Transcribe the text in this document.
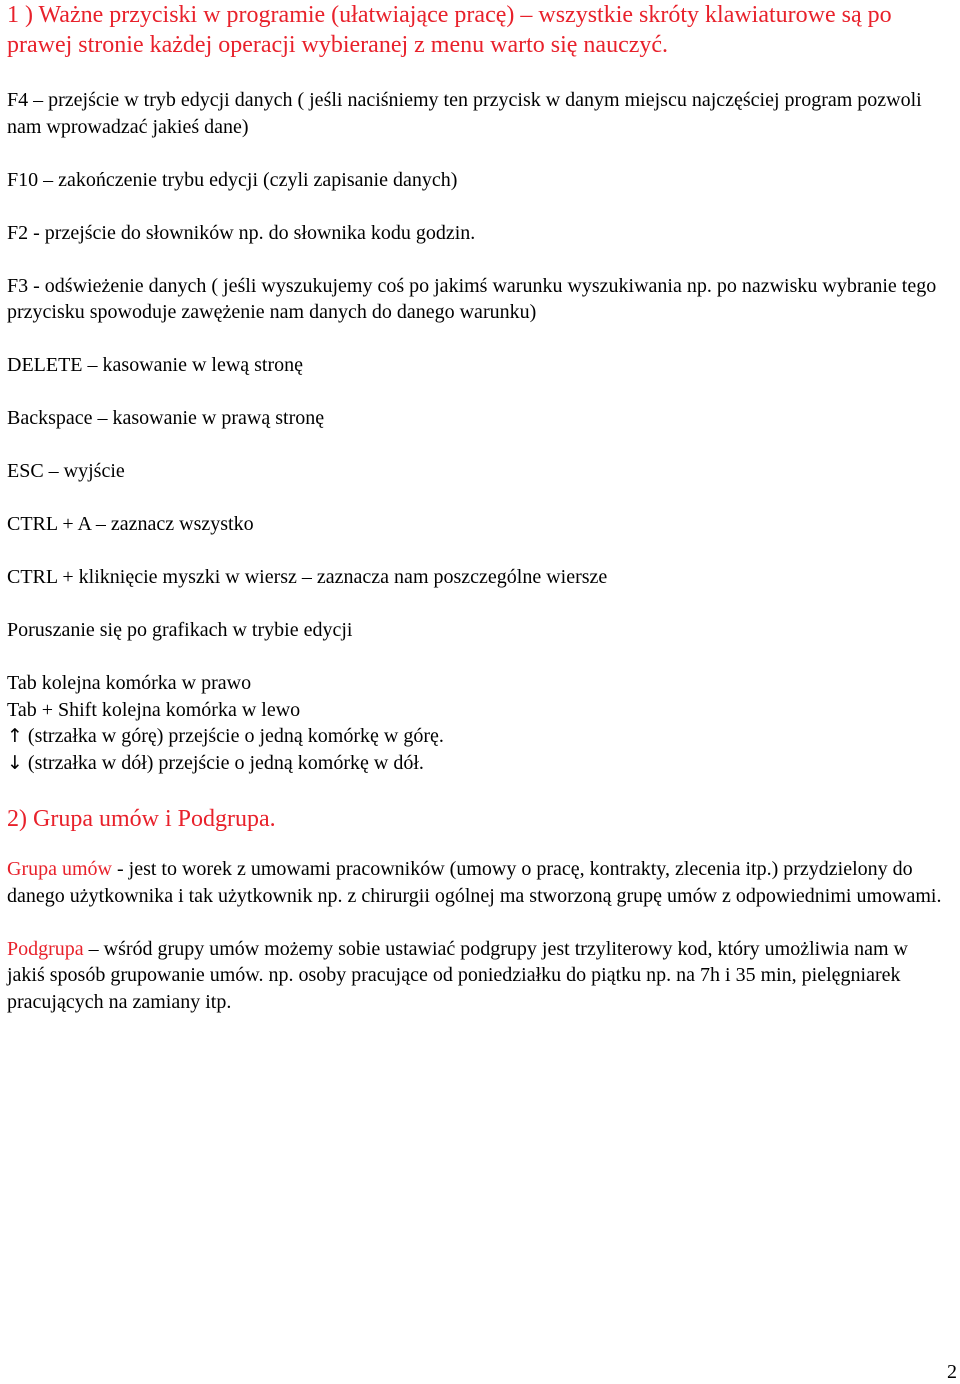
1 ) Ważne przyciski w programie (ułatwiające pracę) – wszystkie skróty klawiaturowe są po prawej stronie każdej operacji wybieranej z menu warto się nauczyć.

F4 – przejście w tryb edycji danych ( jeśli naciśniemy ten przycisk w danym miejscu najczęściej program pozwoli nam wprowadzać jakieś dane)

F10 – zakończenie trybu edycji (czyli zapisanie danych)

F2 - przejście do słowników np. do słownika kodu godzin.

F3 - odświeżenie danych ( jeśli wyszukujemy coś po jakimś warunku wyszukiwania np. po nazwisku wybranie tego przycisku spowoduje zawężenie nam danych do danego warunku)

DELETE – kasowanie w lewą stronę

Backspace – kasowanie w prawą stronę

ESC – wyjście

CTRL + A – zaznacz wszystko

CTRL + kliknięcie myszki w wiersz – zaznacza nam poszczególne wiersze

Poruszanie się po grafikach w trybie edycji

Tab kolejna komórka w prawo

Tab + Shift kolejna komórka w lewo

↑ (strzałka w górę) przejście o jedną komórkę w górę.

↓ (strzałka w dół) przejście o jedną komórkę w dół.

2) Grupa umów i Podgrupa.

Grupa umów - jest to worek z umowami pracowników (umowy o pracę, kontrakty, zlecenia itp.) przydzielony do danego użytkownika i tak użytkownik np. z chirurgii ogólnej ma stworzoną grupę umów z odpowiednimi umowami.

Podgrupa – wśród grupy umów możemy sobie ustawiać podgrupy jest trzyliterowy kod, który umożliwia nam w jakiś sposób grupowanie umów. np. osoby pracujące od poniedziałku do piątku np. na 7h i 35 min, pielęgniarek pracujących na zamiany itp.

2
